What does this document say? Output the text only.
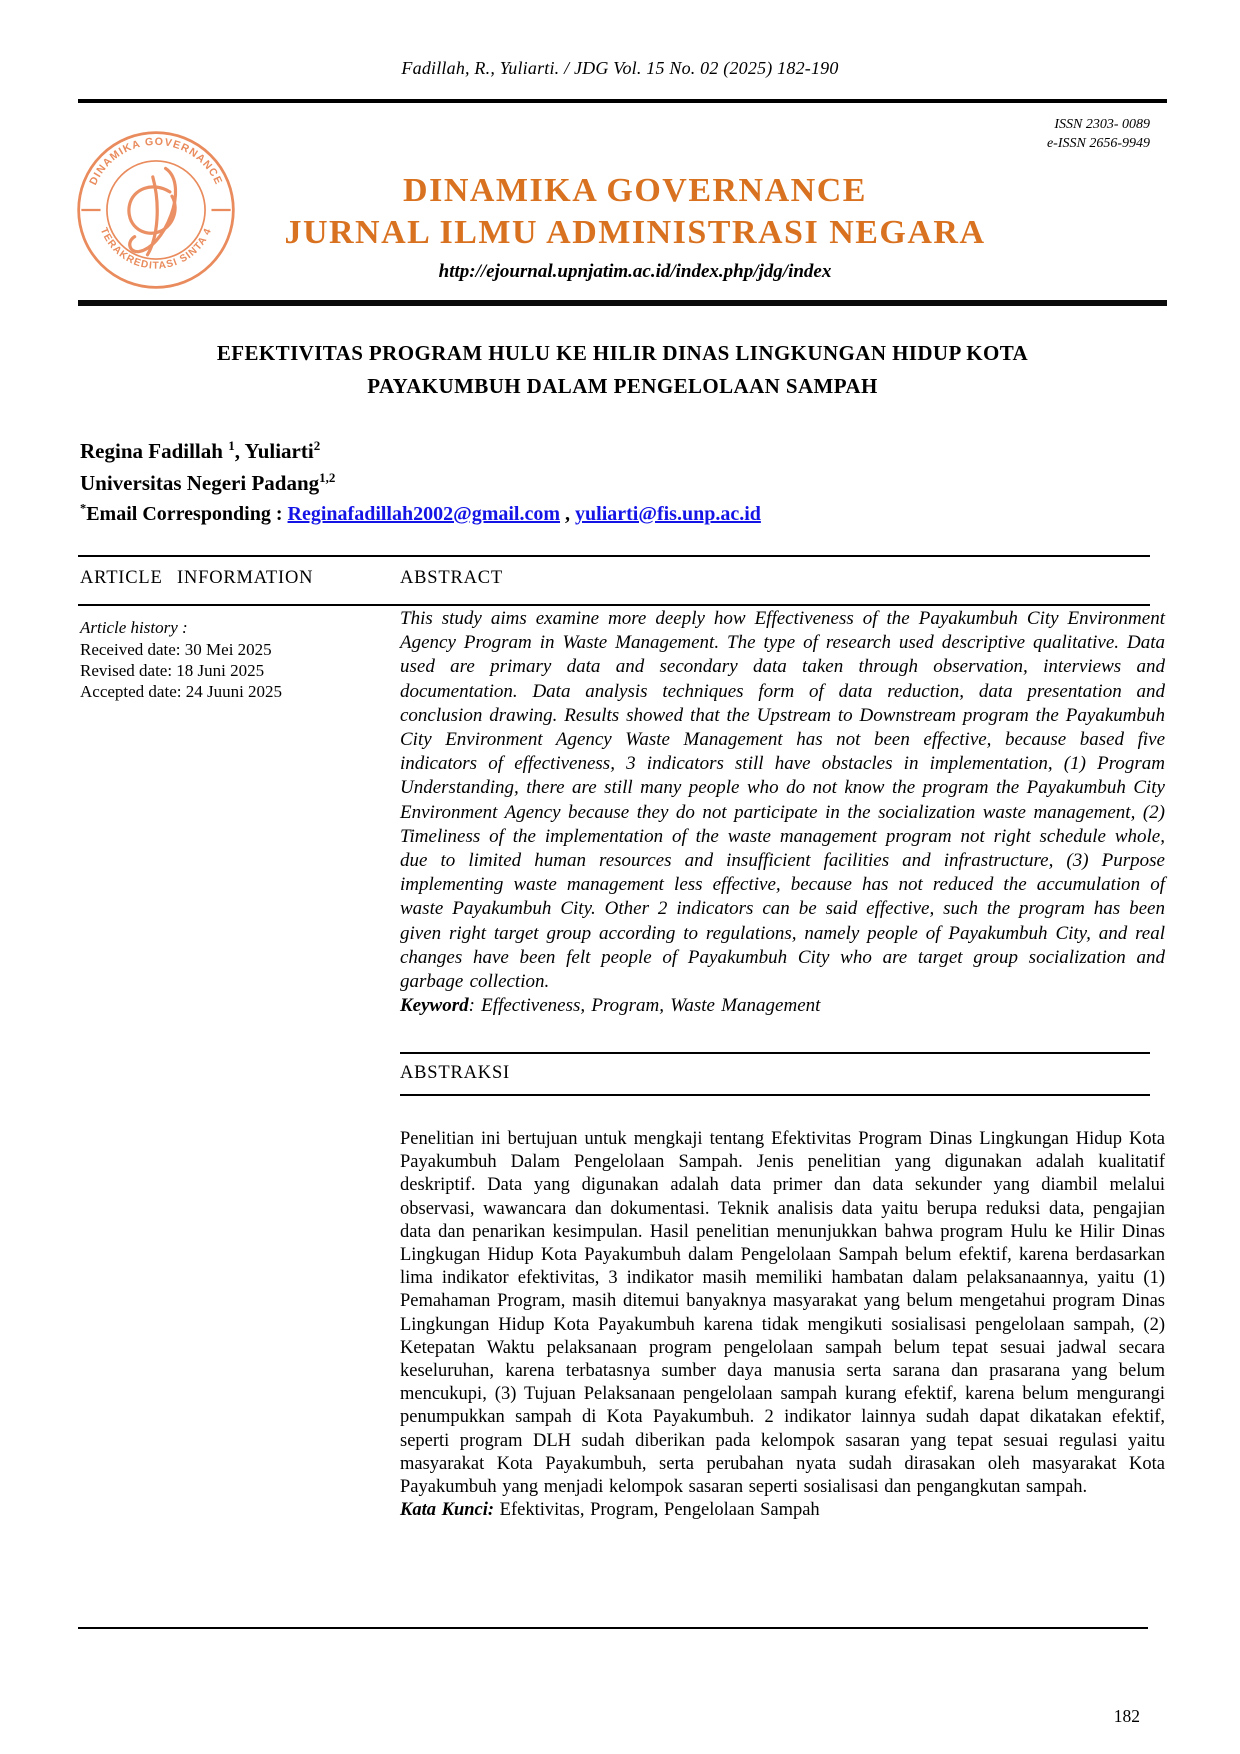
Fadillah, R., Yuliarti. / JDG Vol. 15 No. 02 (2025) 182-190
ISSN 2303- 0089
e-ISSN 2656-9949
DINAMIKA GOVERNANCE
TERAKREDITASI SINTA 4
DINAMIKA GOVERNANCE
JURNAL ILMU ADMINISTRASI NEGARA
http://ejournal.upnjatim.ac.id/index.php/jdg/index
EFEKTIVITAS PROGRAM HULU KE HILIR DINAS LINGKUNGAN HIDUP KOTA
PAYAKUMBUH DALAM PENGELOLAAN SAMPAH
Regina Fadillah $^1$, Yuliarti$^2$
Universitas Negeri Padang$^{1,2}$
*Email Corresponding : Reginafadillah2002@gmail.com , yuliarti@fis.unp.ac.id
ARTICLE INFORMATION	ABSTRACT
Article history :
Received date: 30 Mei 2025
Revised date: 18 Juni 2025
Accepted date: 24 Juuni 2025
This study aims examine more deeply how Effectiveness of the Payakumbuh City Environment Agency Program in Waste Management. The type of research used descriptive qualitative. Data used are primary data and secondary data taken through observation, interviews and documentation. Data analysis techniques form of data reduction, data presentation and conclusion drawing. Results showed that the Upstream to Downstream program the Payakumbuh City Environment Agency Waste Management has not been effective, because based five indicators of effectiveness, 3 indicators still have obstacles in implementation, (1) Program Understanding, there are still many people who do not know the program the Payakumbuh City Environment Agency because they do not participate in the socialization waste management, (2) Timeliness of the implementation of the waste management program not right schedule whole, due to limited human resources and insufficient facilities and infrastructure, (3) Purpose implementing waste management less effective, because has not reduced the accumulation of waste Payakumbuh City. Other 2 indicators can be said effective, such the program has been given right target group according to regulations, namely people of Payakumbuh City, and real changes have been felt people of Payakumbuh City who are target group socialization and garbage collection.
Keyword: Effectiveness, Program, Waste Management
ABSTRAKSI
Penelitian ini bertujuan untuk mengkaji tentang Efektivitas Program Dinas Lingkungan Hidup Kota Payakumbuh Dalam Pengelolaan Sampah. Jenis penelitian yang digunakan adalah kualitatif deskriptif. Data yang digunakan adalah data primer dan data sekunder yang diambil melalui observasi, wawancara dan dokumentasi. Teknik analisis data yaitu berupa reduksi data, pengajian data dan penarikan kesimpulan. Hasil penelitian menunjukkan bahwa program Hulu ke Hilir Dinas Lingkugan Hidup Kota Payakumbuh dalam Pengelolaan Sampah belum efektif, karena berdasarkan lima indikator efektivitas, 3 indikator masih memiliki hambatan dalam pelaksanaannya, yaitu (1) Pemahaman Program, masih ditemui banyaknya masyarakat yang belum mengetahui program Dinas Lingkungan Hidup Kota Payakumbuh karena tidak mengikuti sosialisasi pengelolaan sampah, (2) Ketepatan Waktu pelaksanaan program pengelolaan sampah belum tepat sesuai jadwal secara keseluruhan, karena terbatasnya sumber daya manusia serta sarana dan prasarana yang belum mencukupi, (3) Tujuan Pelaksanaan pengelolaan sampah kurang efektif, karena belum mengurangi penumpukkan sampah di Kota Payakumbuh. 2 indikator lainnya sudah dapat dikatakan efektif, seperti program DLH sudah diberikan pada kelompok sasaran yang tepat sesuai regulasi yaitu masyarakat Kota Payakumbuh, serta perubahan nyata sudah dirasakan oleh masyarakat Kota Payakumbuh yang menjadi kelompok sasaran seperti sosialisasi dan pengangkutan sampah.
Kata Kunci: Efektivitas, Program, Pengelolaan Sampah
182
